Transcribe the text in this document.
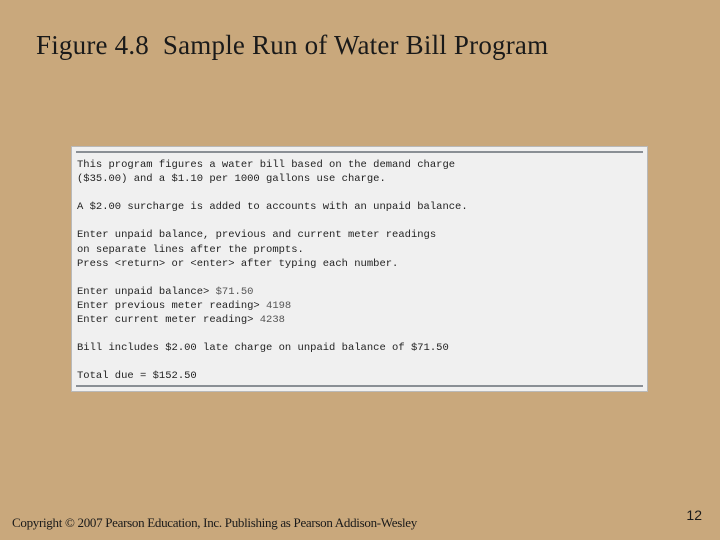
Figure 4.8  Sample Run of Water Bill Program
This program figures a water bill based on the demand charge
($35.00) and a $1.10 per 1000 gallons use charge.
A $2.00 surcharge is added to accounts with an unpaid balance.
Enter unpaid balance, previous and current meter readings
on separate lines after the prompts.
Press <return> or <enter> after typing each number.
Enter unpaid balance> $71.50
Enter previous meter reading> 4198
Enter current meter reading> 4238
Bill includes $2.00 late charge on unpaid balance of $71.50
Total due = $152.50
Copyright © 2007 Pearson Education, Inc. Publishing as Pearson Addison-Wesley	12
